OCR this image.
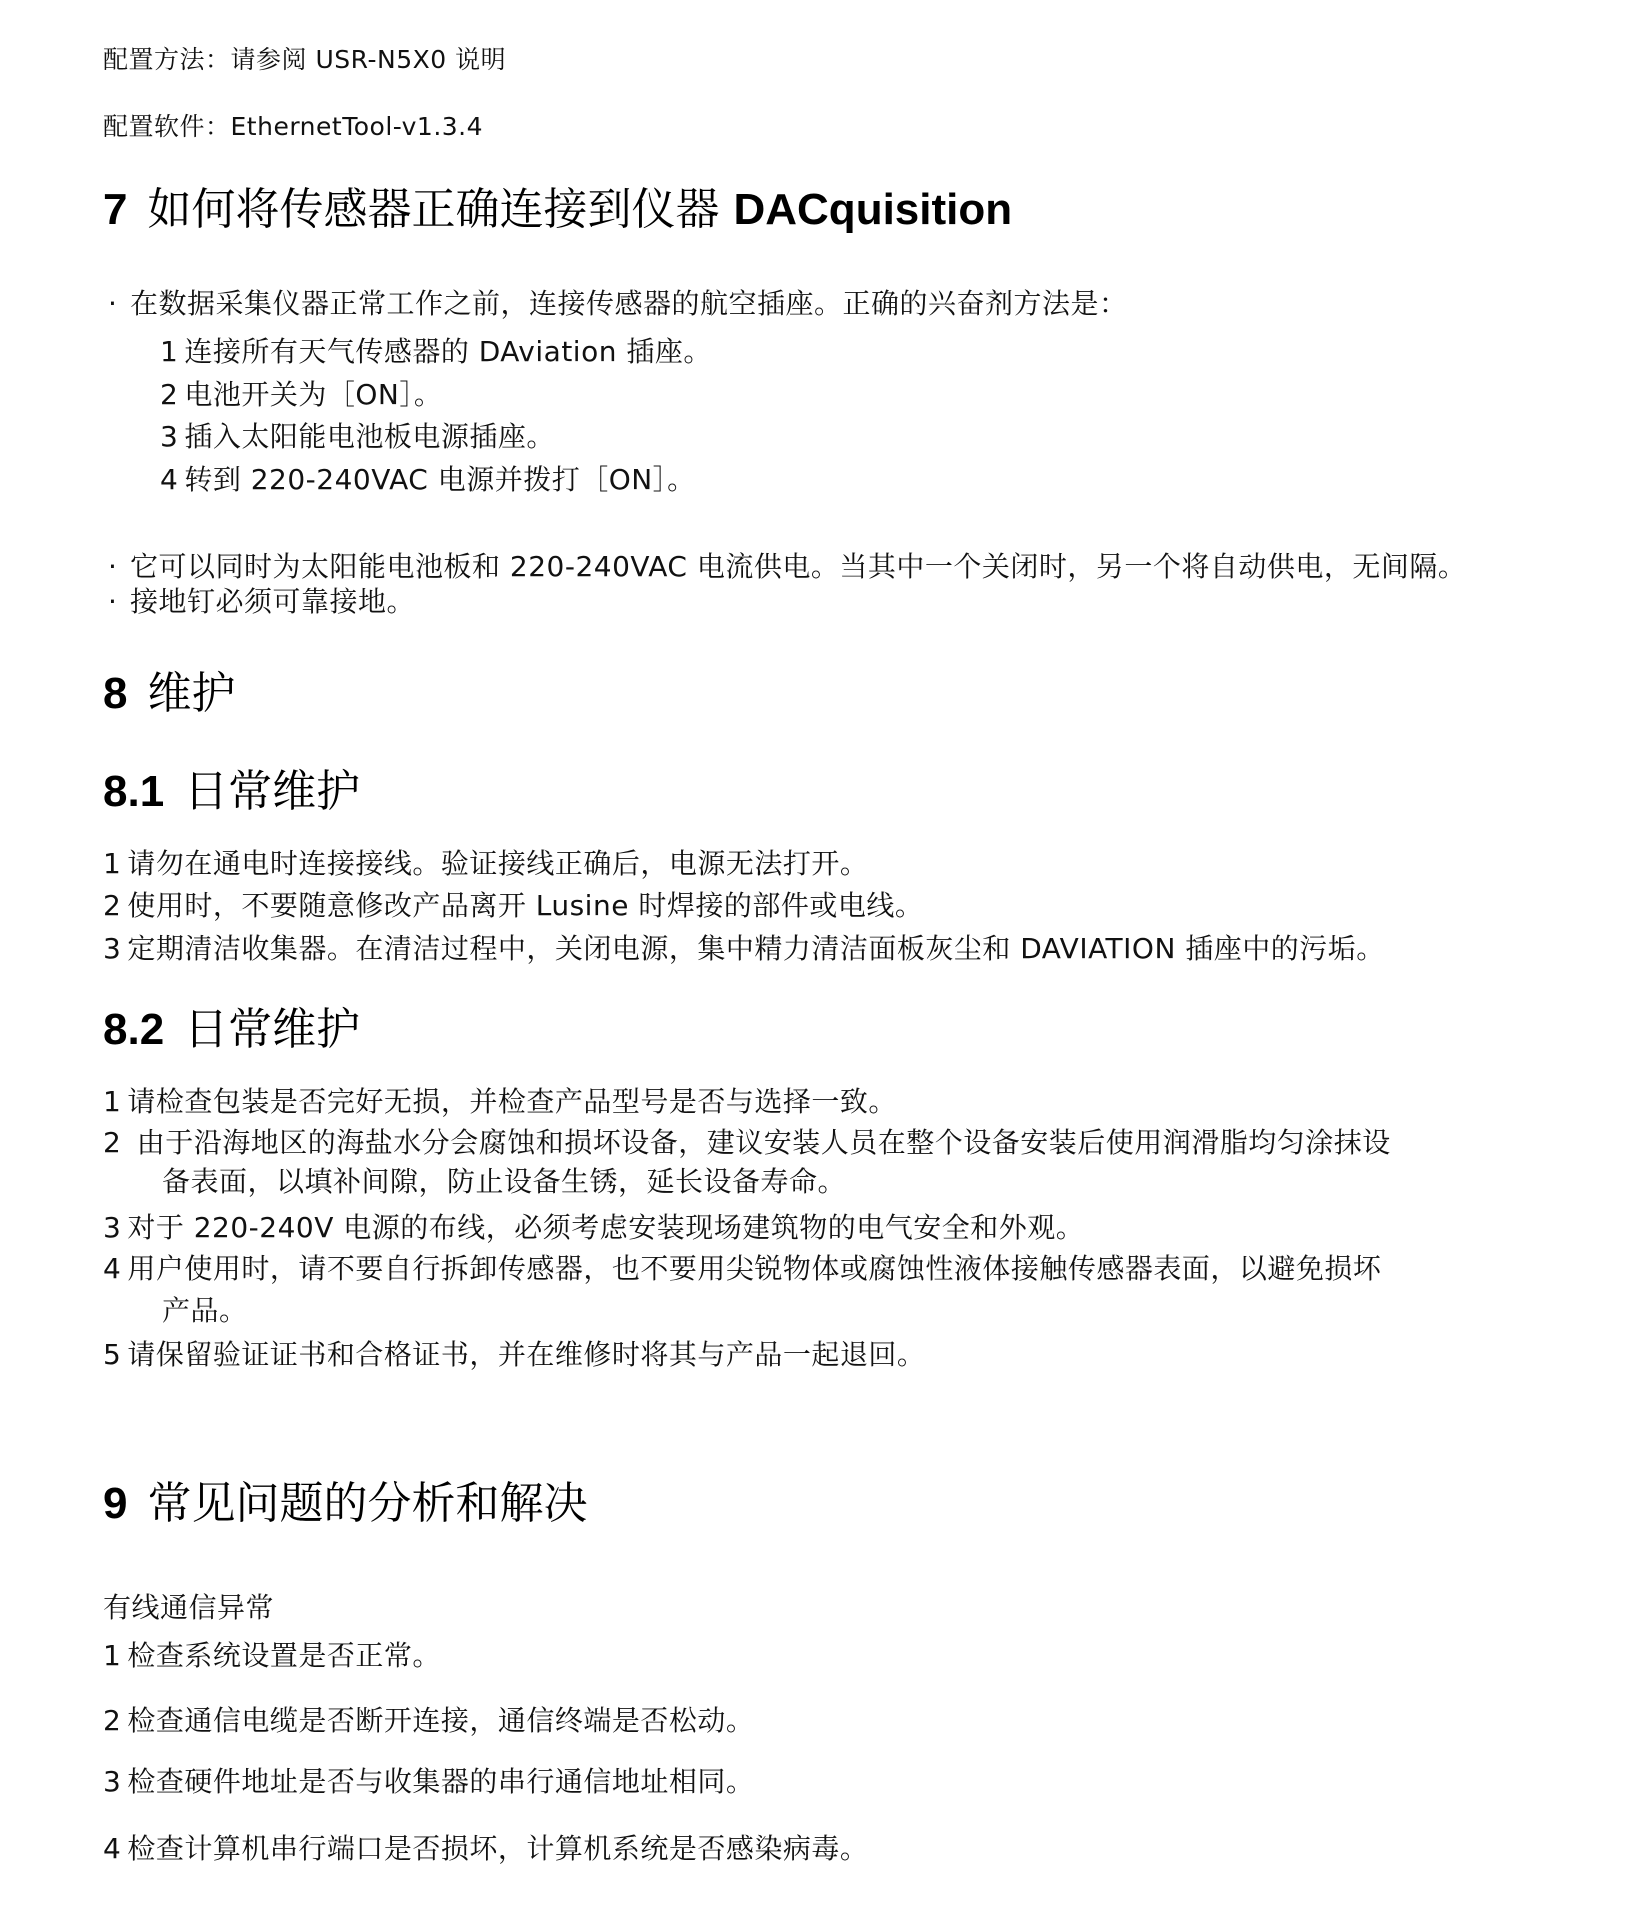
配置方法：请参阅 USR-N5X0 说明
配置软件：EthernetTool-v1.3.4
7 如何将传感器正确连接到仪器 DACquisition
· 在数据采集仪器正常工作之前，连接传感器的航空插座。正确的兴奋剂方法是：
1 连接所有天气传感器的 DAviation 插座。
2 电池开关为［ON］。
3 插入太阳能电池板电源插座。
4 转到 220-240VAC 电源并拨打［ON］。
· 它可以同时为太阳能电池板和 220-240VAC 电流供电。当其中一个关闭时，另一个将自动供电，无间隔。
· 接地钉必须可靠接地。
8 维护
8.1 日常维护
1 请勿在通电时连接接线。验证接线正确后，电源无法打开。
2 使用时，不要随意修改产品离开 Lusine 时焊接的部件或电线。
3 定期清洁收集器。在清洁过程中，关闭电源，集中精力清洁面板灰尘和 DAVIATION 插座中的污垢。
8.2 日常维护
1 请检查包装是否完好无损，并检查产品型号是否与选择一致。
2 由于沿海地区的海盐水分会腐蚀和损坏设备，建议安装人员在整个设备安装后使用润滑脂均匀涂抹设
备表面，以填补间隙，防止设备生锈，延长设备寿命。
3 对于 220-240V 电源的布线，必须考虑安装现场建筑物的电气安全和外观。
4 用户使用时，请不要自行拆卸传感器，也不要用尖锐物体或腐蚀性液体接触传感器表面，以避免损坏
产品。
5 请保留验证证书和合格证书，并在维修时将其与产品一起退回。
9 常见问题的分析和解决
有线通信异常
1 检查系统设置是否正常。
2 检查通信电缆是否断开连接，通信终端是否松动。
3 检查硬件地址是否与收集器的串行通信地址相同。
4 检查计算机串行端口是否损坏，计算机系统是否感染病毒。
